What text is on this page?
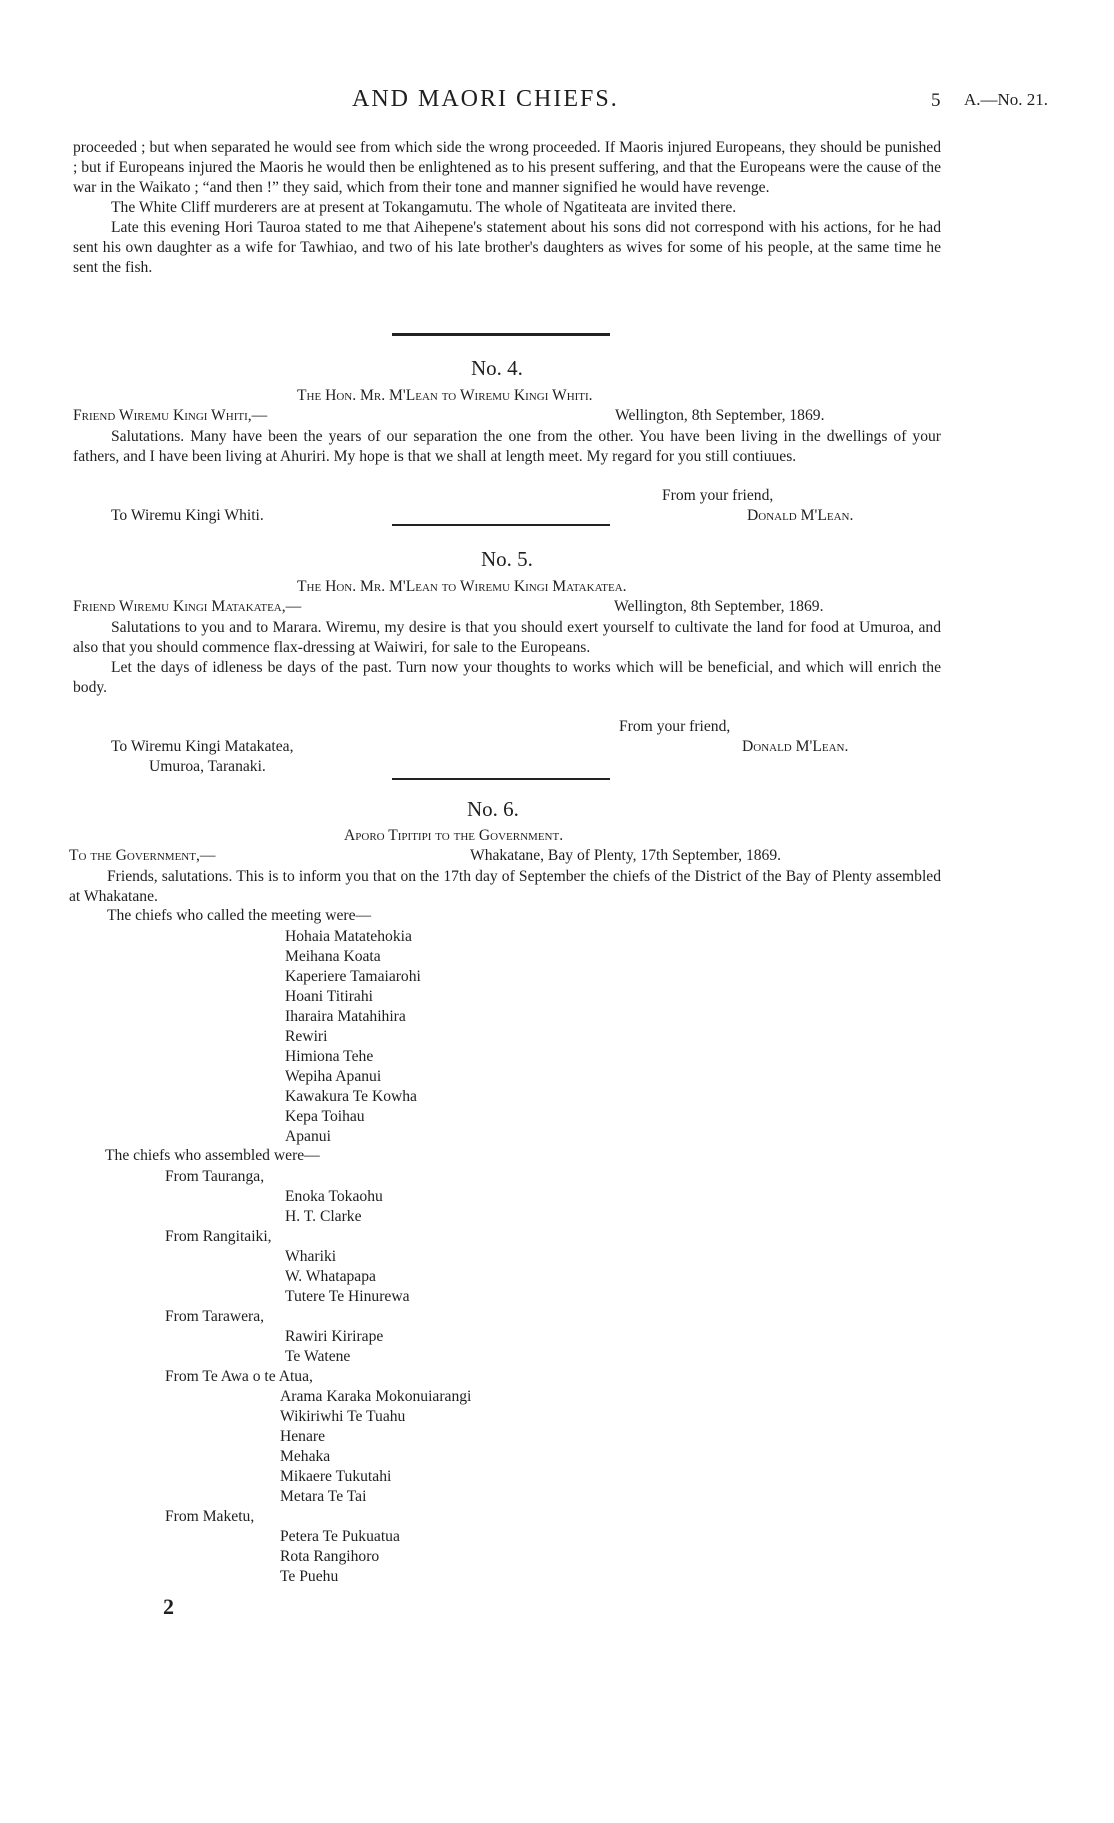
AND MAORI CHIEFS.	5 A.—No. 21.

proceeded ; but when separated he would see from which side the wrong proceeded. If Maoris injured Europeans, they should be punished ; but if Europeans injured the Maoris he would then be enlightened as to his present suffering, and that the Europeans were the cause of the war in the Waikato ; “and then !” they said, which from their tone and manner signified he would have revenge.

The White Cliff murderers are at present at Tokangamutu. The whole of Ngatiteata are invited there.

Late this evening Hori Tauroa stated to me that Aihepene's statement about his sons did not correspond with his actions, for he had sent his own daughter as a wife for Tawhiao, and two of his late brother's daughters as wives for some of his people, at the same time he sent the fish.

No. 4.
The Hon. Mr. M'Lean to Wiremu Kingi Whiti.
Friend Wiremu Kingi Whiti,—	Wellington, 8th September, 1869.
Salutations. Many have been the years of our separation the one from the other. You have been living in the dwellings of your fathers, and I have been living at Ahuriri. My hope is that we shall at length meet. My regard for you still contiuues.
From your friend,
To Wiremu Kingi Whiti.	Donald M'Lean.
No. 5.
The Hon. Mr. M'Lean to Wiremu Kingi Matakatea.
Friend Wiremu Kingi Matakatea,—	Wellington, 8th September, 1869.

Salutations to you and to Marara. Wiremu, my desire is that you should exert yourself to cultivate the land for food at Umuroa, and also that you should commence flax-dressing at Waiwiri, for sale to the Europeans.

Let the days of idleness be days of the past. Turn now your thoughts to works which will be beneficial, and which will enrich the body.

From your friend,
To Wiremu Kingi Matakatea,	Donald M'Lean.
Umuroa, Taranaki.
No. 6.
Aporo Tipitipi to the Government.
To the Government,—	Whakatane, Bay of Plenty, 17th September, 1869.
Friends, salutations. This is to inform you that on the 17th day of September the chiefs of the District of the Bay of Plenty assembled at Whakatane.
The chiefs who called the meeting were—
Hohaia Matatehokia
Meihana Koata
Kaperiere Tamaiarohi
Hoani Titirahi
Iharaira Matahihira
Rewiri
Himiona Tehe
Wepiha Apanui
Kawakura Te Kowha
Kepa Toihau
Apanui
The chiefs who assembled were—
From Tauranga,
Enoka Tokaohu
H. T. Clarke
From Rangitaiki,
Whariki
W. Whatapapa
Tutere Te Hinurewa
From Tarawera,
Rawiri Kirirape
Te Watene
From Te Awa o te Atua,
Arama Karaka Mokonuiarangi
Wikiriwhi Te Tuahu
Henare
Mehaka
Mikaere Tukutahi
Metara Te Tai
From Maketu,
Petera Te Pukuatua
Rota Rangihoro
Te Puehu
2
